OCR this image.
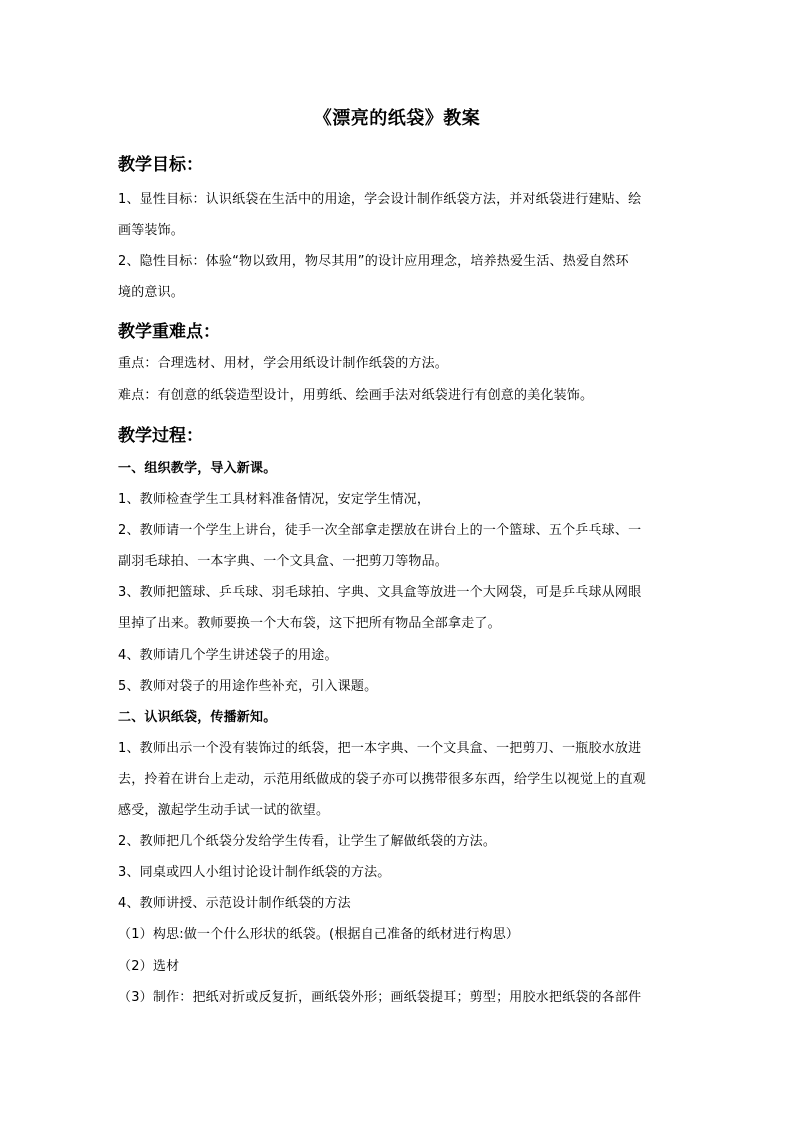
《漂亮的纸袋》教案
教学目标：
1、显性目标：认识纸袋在生活中的用途，学会设计制作纸袋方法，并对纸袋进行建贴、绘
画等装饰。
2、隐性目标：体验“物以致用，物尽其用”的设计应用理念，培养热爱生活、热爱自然环
境的意识。
教学重难点：
重点：合理选材、用材，学会用纸设计制作纸袋的方法。
难点：有创意的纸袋造型设计，用剪纸、绘画手法对纸袋进行有创意的美化装饰。
教学过程：
一、组织教学，导入新课。
1、教师检查学生工具材料准备情况，安定学生情况，
2、教师请一个学生上讲台，徒手一次全部拿走摆放在讲台上的一个篮球、五个乒乓球、一
副羽毛球拍、一本字典、一个文具盒、一把剪刀等物品。
3、教师把篮球、乒乓球、羽毛球拍、字典、文具盒等放进一个大网袋，可是乒乓球从网眼
里掉了出来。教师要换一个大布袋，这下把所有物品全部拿走了。
4、教师请几个学生讲述袋子的用途。
5、教师对袋子的用途作些补充，引入课题。
二、认识纸袋，传播新知。
1、教师出示一个没有装饰过的纸袋，把一本字典、一个文具盒、一把剪刀、一瓶胶水放进
去，拎着在讲台上走动，示范用纸做成的袋子亦可以携带很多东西，给学生以视觉上的直观
感受，激起学生动手试一试的欲望。
2、教师把几个纸袋分发给学生传看，让学生了解做纸袋的方法。
3、同桌或四人小组讨论设计制作纸袋的方法。
4、教师讲授、示范设计制作纸袋的方法
（1）构思:做一个什么形状的纸袋。(根据自己准备的纸材进行构思）
（2）选材
（3）制作：把纸对折或反复折，画纸袋外形；画纸袋提耳；剪型；用胶水把纸袋的各部件
